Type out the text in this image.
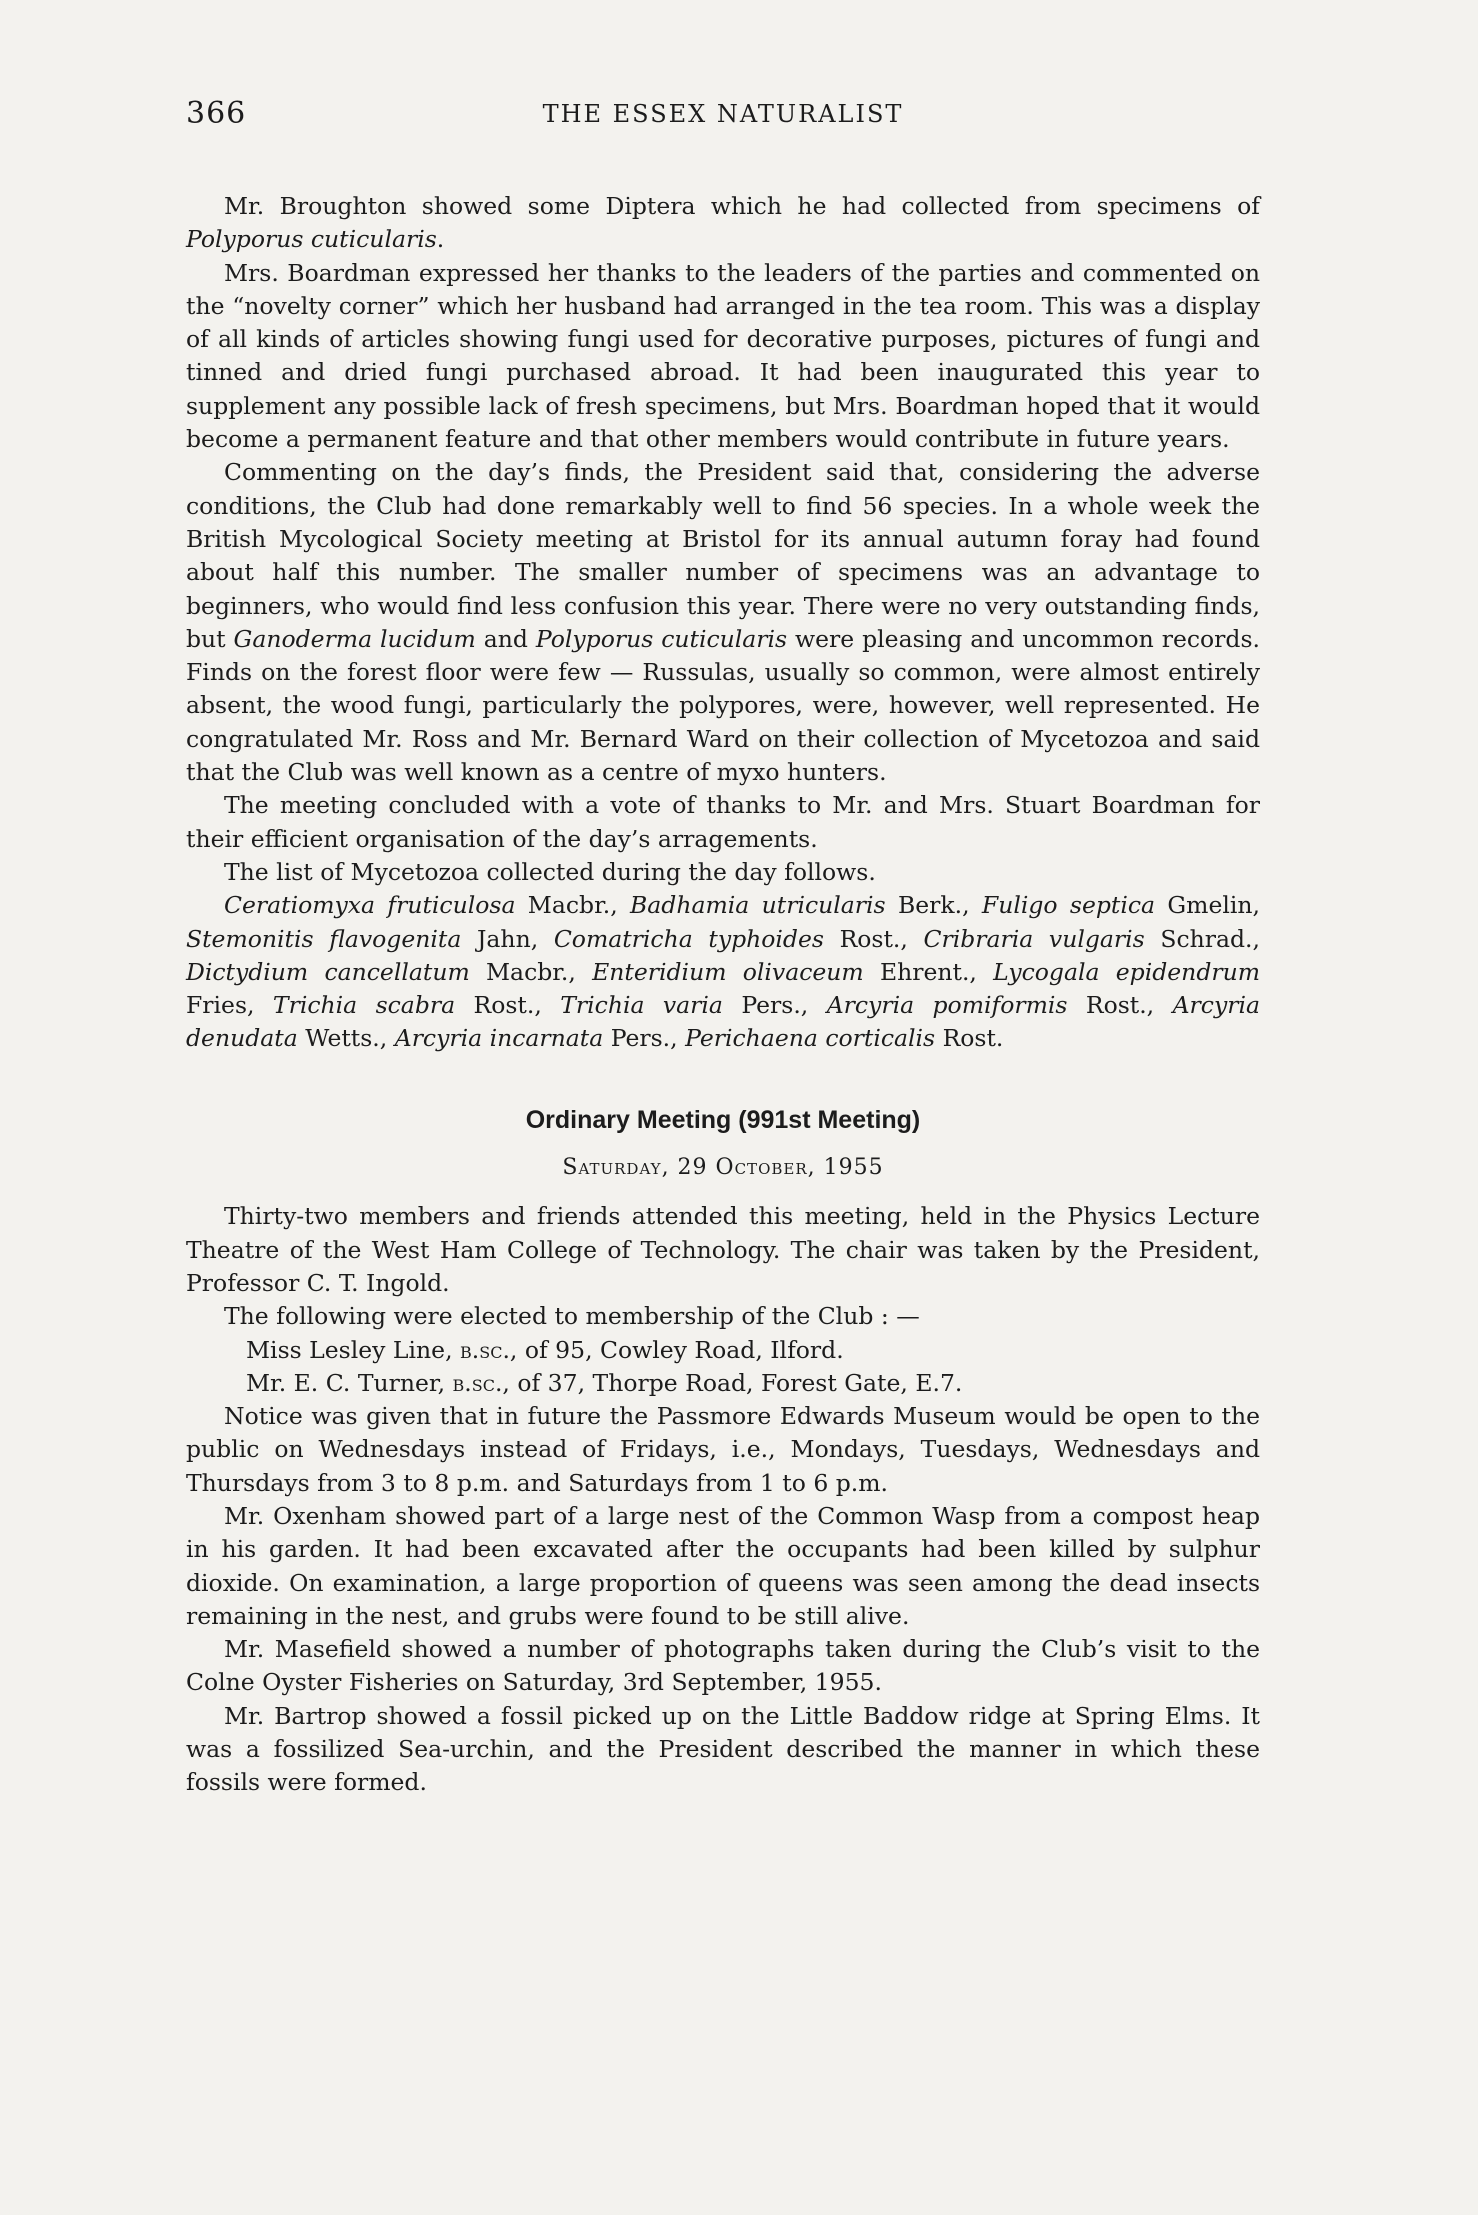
366	THE ESSEX NATURALIST

Mr. Broughton showed some Diptera which he had collected from specimens of Polyporus cuticularis.

Mrs. Boardman expressed her thanks to the leaders of the parties and commented on the “novelty corner” which her husband had arranged in the tea room. This was a display of all kinds of articles showing fungi used for decorative purposes, pictures of fungi and tinned and dried fungi purchased abroad. It had been inaugurated this year to supplement any possible lack of fresh specimens, but Mrs. Boardman hoped that it would become a permanent feature and that other members would contribute in future years.

Commenting on the day’s finds, the President said that, considering the adverse conditions, the Club had done remarkably well to find 56 species. In a whole week the British Mycological Society meeting at Bristol for its annual autumn foray had found about half this number. The smaller number of specimens was an advantage to beginners, who would find less confusion this year. There were no very outstanding finds, but Ganoderma lucidum and Polyporus cuticularis were pleasing and uncommon records. Finds on the forest floor were few — Russulas, usually so common, were almost entirely absent, the wood fungi, particularly the polypores, were, however, well represented. He congratulated Mr. Ross and Mr. Bernard Ward on their collection of Mycetozoa and said that the Club was well known as a centre of myxo hunters.

The meeting concluded with a vote of thanks to Mr. and Mrs. Stuart Boardman for their efficient organisation of the day’s arragements.

The list of Mycetozoa collected during the day follows.

Ceratiomyxa fruticulosa Macbr., Badhamia utricularis Berk., Fuligo septica Gmelin, Stemonitis flavogenita Jahn, Comatricha typhoides Rost., Cribraria vulgaris Schrad., Dictydium cancellatum Macbr., Enteridium olivaceum Ehrent., Lycogala epidendrum Fries, Trichia scabra Rost., Trichia varia Pers., Arcyria pomiformis Rost., Arcyria denudata Wetts., Arcyria incarnata Pers., Perichaena corticalis Rost.

Ordinary Meeting (991st Meeting)
Saturday, 29 October, 1955

Thirty-two members and friends attended this meeting, held in the Physics Lecture Theatre of the West Ham College of Technology. The chair was taken by the President, Professor C. T. Ingold.

The following were elected to membership of the Club : —

Miss Lesley Line, b.sc., of 95, Cowley Road, Ilford.

Mr. E. C. Turner, b.sc., of 37, Thorpe Road, Forest Gate, E.7.

Notice was given that in future the Passmore Edwards Museum would be open to the public on Wednesdays instead of Fridays, i.e., Mondays, Tuesdays, Wednesdays and Thursdays from 3 to 8 p.m. and Saturdays from 1 to 6 p.m.

Mr. Oxenham showed part of a large nest of the Common Wasp from a compost heap in his garden. It had been excavated after the occupants had been killed by sulphur dioxide. On examination, a large proportion of queens was seen among the dead insects remaining in the nest, and grubs were found to be still alive.

Mr. Masefield showed a number of photographs taken during the Club’s visit to the Colne Oyster Fisheries on Saturday, 3rd September, 1955.

Mr. Bartrop showed a fossil picked up on the Little Baddow ridge at Spring Elms. It was a fossilized Sea-urchin, and the President described the manner in which these fossils were formed.
